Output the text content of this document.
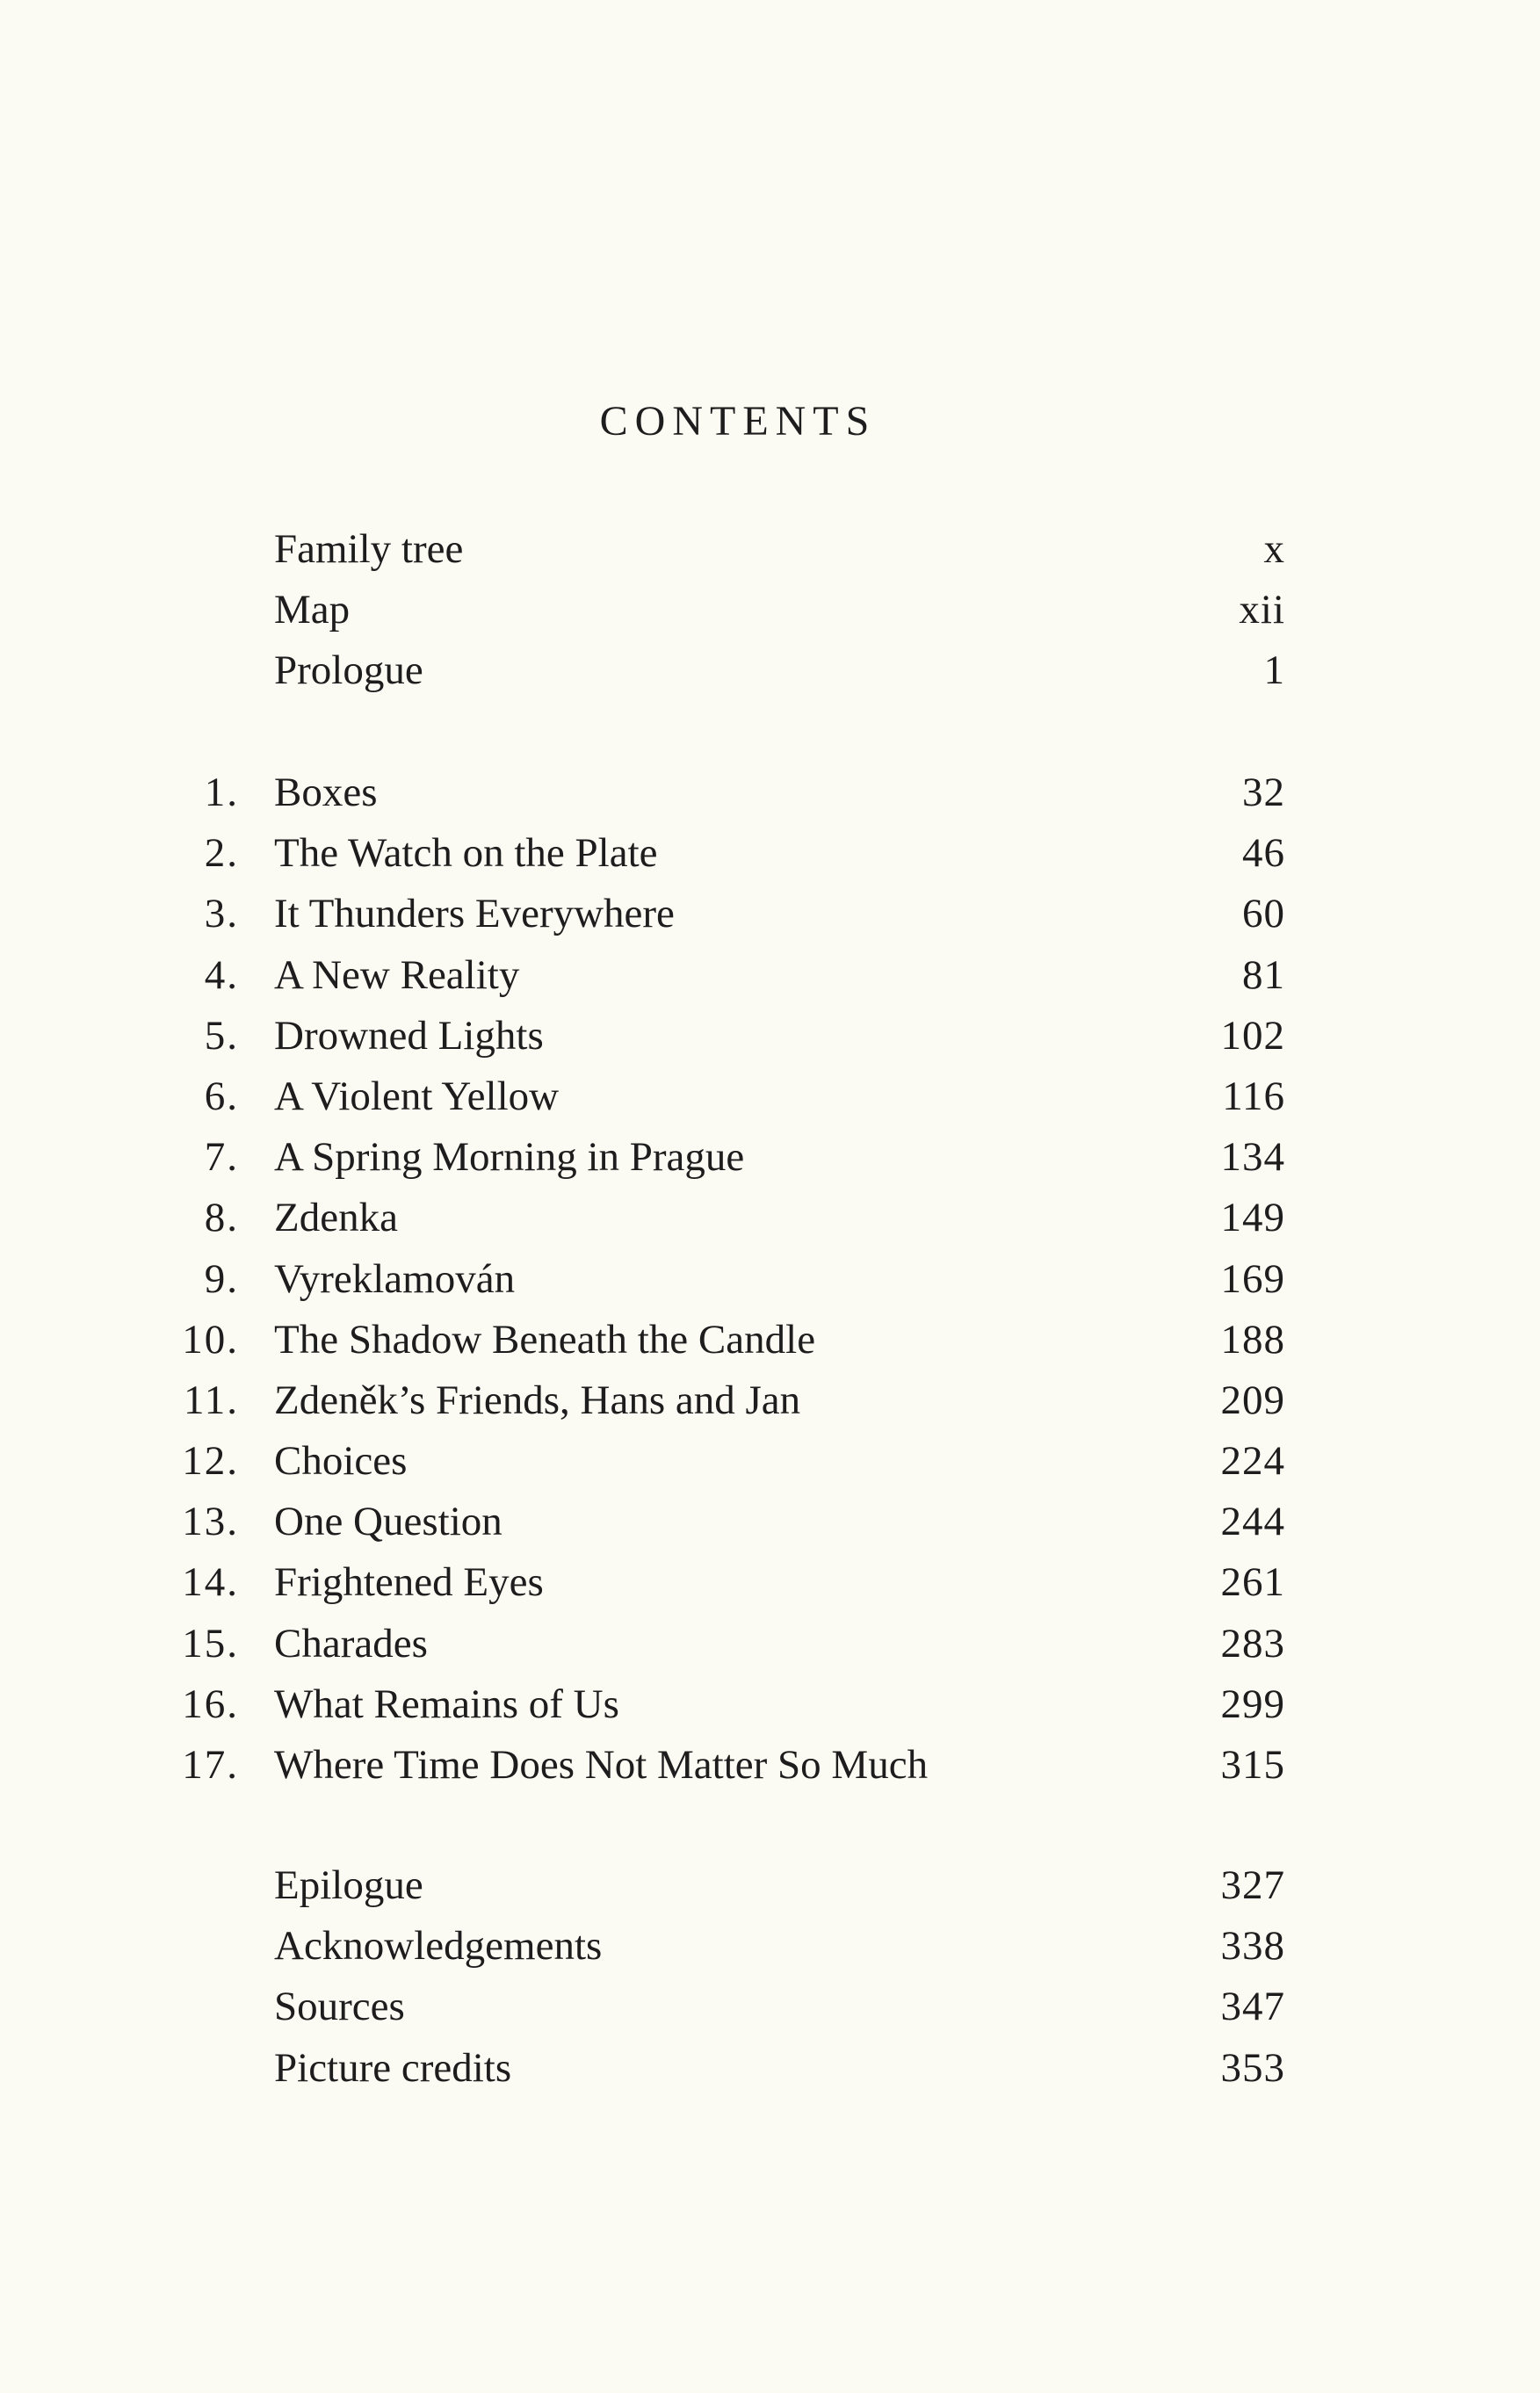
CONTENTS
Family tree	x
Map	xii
Prologue	1
1. Boxes	32
2. The Watch on the Plate	46
3. It Thunders Everywhere	60
4. A New Reality	81
5. Drowned Lights	102
6. A Violent Yellow	116
7. A Spring Morning in Prague	134
8. Zdenka	149
9. Vyreklamován	169
10. The Shadow Beneath the Candle	188
11. Zdeněk’s Friends, Hans and Jan	209
12. Choices	224
13. One Question	244
14. Frightened Eyes	261
15. Charades	283
16. What Remains of Us	299
17. Where Time Does Not Matter So Much	315
Epilogue	327
Acknowledgements	338
Sources	347
Picture credits	353
